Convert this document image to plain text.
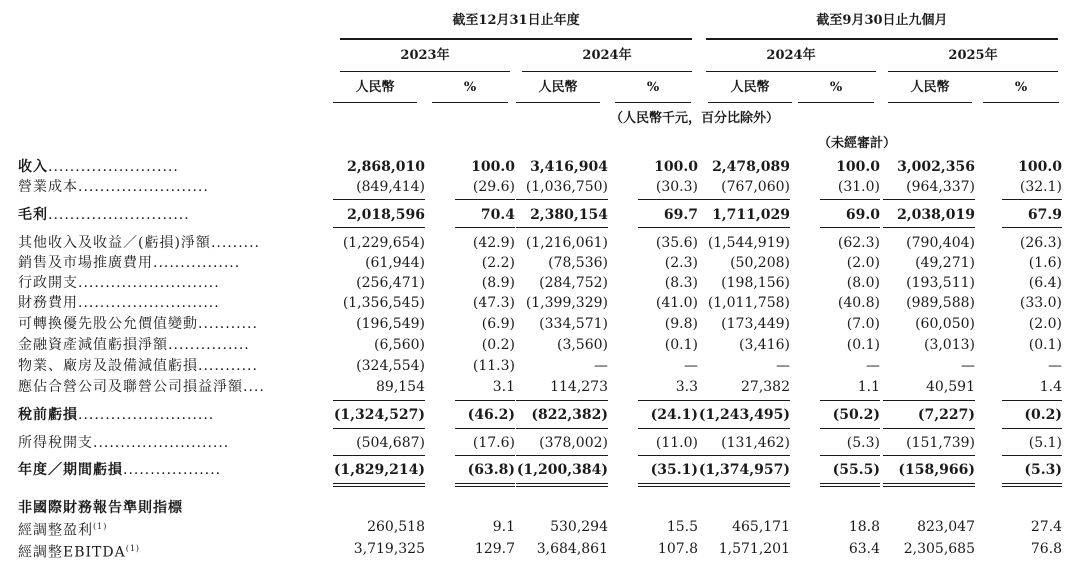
截至12月31日止年度	截至9月30日止九個月
2023年	2024年	2024年	2025年
人民幣	%	人民幣	%	人民幣	%	人民幣	%
（人民幣千元，百分比除外）
（未經審計）
收入........................	2,868,010	100.0	3,416,904	100.0	2,478,089	100.0	3,002,356	100.0
營業成本........................	(849,414)	(29.6) (1,036,750)	(30.3)	(767,060)	(31.0)	(964,337)	(32.1)
毛利..........................	2,018,596	70.4	2,380,154	69.7	1,711,029	69.0	2,038,019	67.9
其他收入及收益／(虧損)淨額.........	(1,229,654)	(42.9) (1,216,061)	(35.6) (1,544,919)	(62.3)	(790,404)	(26.3)
銷售及市場推廣費用................	(61,944)	(2.2)	(78,536)	(2.3)	(50,208)	(2.0)	(49,271)	(1.6)
行政開支..........................	(256,471)	(8.9)	(284,752)	(8.3)	(198,156)	(8.0)	(193,511)	(6.4)
財務費用..........................	(1,356,545)	(47.3) (1,399,329)	(41.0) (1,011,758)	(40.8)	(989,588)	(33.0)
可轉換優先股公允價值變動...........	(196,549)	(6.9)	(334,571)	(9.8)	(173,449)	(7.0)	(60,050)	(2.0)
金融資產減值虧損淨額...............	(6,560)	(0.2)	(3,560)	(0.1)	(3,416)	(0.1)	(3,013)	(0.1)
物業、廠房及設備減值虧損...........	(324,554)	(11.3)	—	—	—	—	—	—
應佔合營公司及聯營公司損益淨額....	89,154	3.1	114,273	3.3	27,382	1.1	40,591	1.4
稅前虧損.........................	(1,324,527)	(46.2)	(822,382)	(24.1) (1,243,495)	(50.2)	(7,227)	(0.2)
所得稅開支.........................	(504,687)	(17.6)	(378,002)	(11.0)	(131,462)	(5.3)	(151,739)	(5.1)
年度／期間虧損..................	(1,829,214)	(63.8) (1,200,384)	(35.1) (1,374,957)	(55.5)	(158,966)	(5.3)
非國際財務報告準則指標
經調整盈利$^{(1)}$	260,518	9.1	530,294	15.5	465,171	18.8	823,047	27.4
經調整EBITDA$^{(1)}$	3,719,325	129.7	3,684,861	107.8	1,571,201	63.4	2,305,685	76.8
